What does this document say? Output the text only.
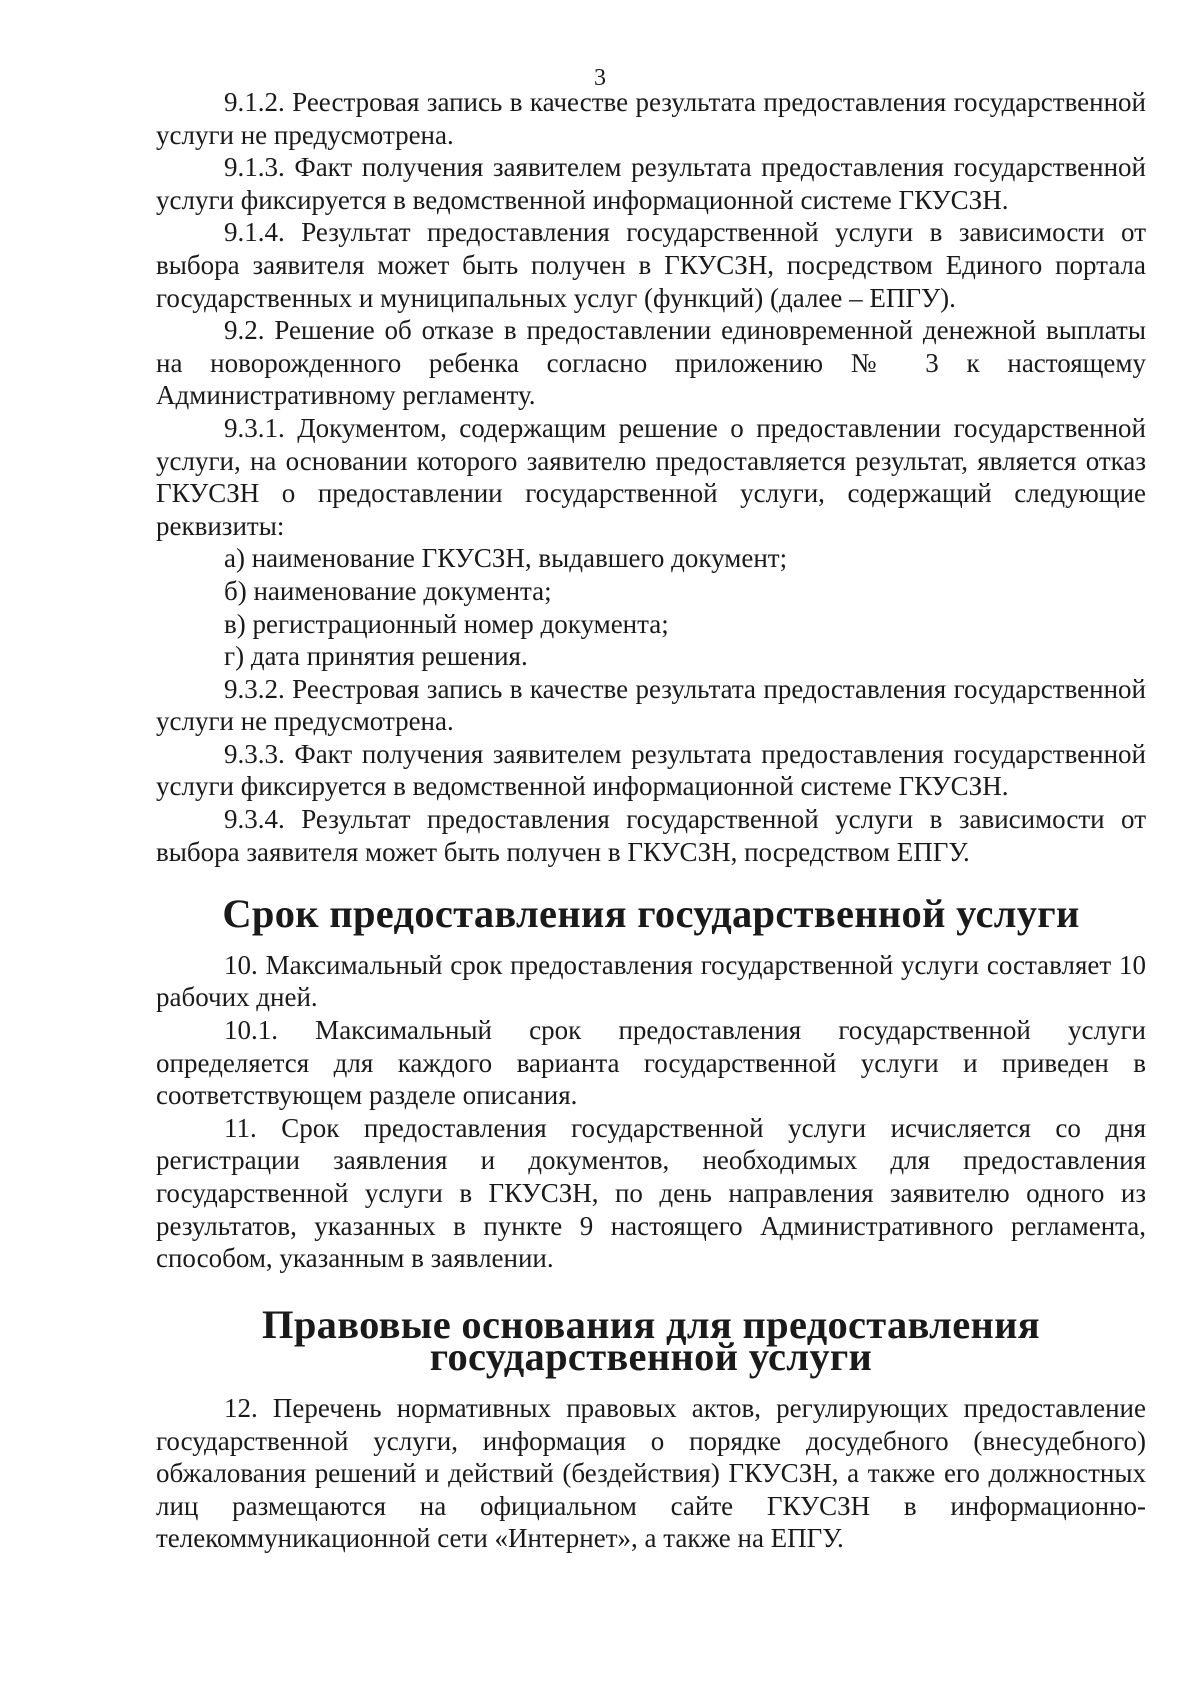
3

9.1.2. Реестровая запись в качестве результата предоставления государственной услуги не предусмотрена.

9.1.3. Факт получения заявителем результата предоставления государственной услуги фиксируется в ведомственной информационной системе ГКУСЗН.

9.1.4. Результат предоставления государственной услуги в зависимости от выбора заявителя может быть получен в ГКУСЗН, посредством Единого портала государственных и муниципальных услуг (функций) (далее – ЕПГУ).

9.2. Решение об отказе в предоставлении единовременной денежной выплаты на новорожденного ребенка согласно приложению № 3 к настоящему Административному регламенту.

9.3.1. Документом, содержащим решение о предоставлении государственной услуги, на основании которого заявителю предоставляется результат, является отказ ГКУСЗН о предоставлении государственной услуги, содержащий следующие реквизиты:

а) наименование ГКУСЗН, выдавшего документ;

б) наименование документа;

в) регистрационный номер документа;

г) дата принятия решения.

9.3.2. Реестровая запись в качестве результата предоставления государственной услуги не предусмотрена.

9.3.3. Факт получения заявителем результата предоставления государственной услуги фиксируется в ведомственной информационной системе ГКУСЗН.

9.3.4. Результат предоставления государственной услуги в зависимости от выбора заявителя может быть получен в ГКУСЗН, посредством ЕПГУ.

Срок предоставления государственной услуги

10. Максимальный срок предоставления государственной услуги составляет 10 рабочих дней.

10.1. Максимальный срок предоставления государственной услуги определяется для каждого варианта государственной услуги и приведен в соответствующем разделе описания.

11. Срок предоставления государственной услуги исчисляется со дня регистрации заявления и документов, необходимых для предоставления государственной услуги в ГКУСЗН, по день направления заявителю одного из результатов, указанных в пункте 9 настоящего Административного регламента, способом, указанным в заявлении.

Правовые основания для предоставления государственной услуги

12. Перечень нормативных правовых актов, регулирующих предоставление государственной услуги, информация о порядке досудебного (внесудебного) обжалования решений и действий (бездействия) ГКУСЗН, а также его должностных лиц размещаются на официальном сайте ГКУСЗН в информационно-телекоммуникационной сети «Интернет», а также на ЕПГУ.
